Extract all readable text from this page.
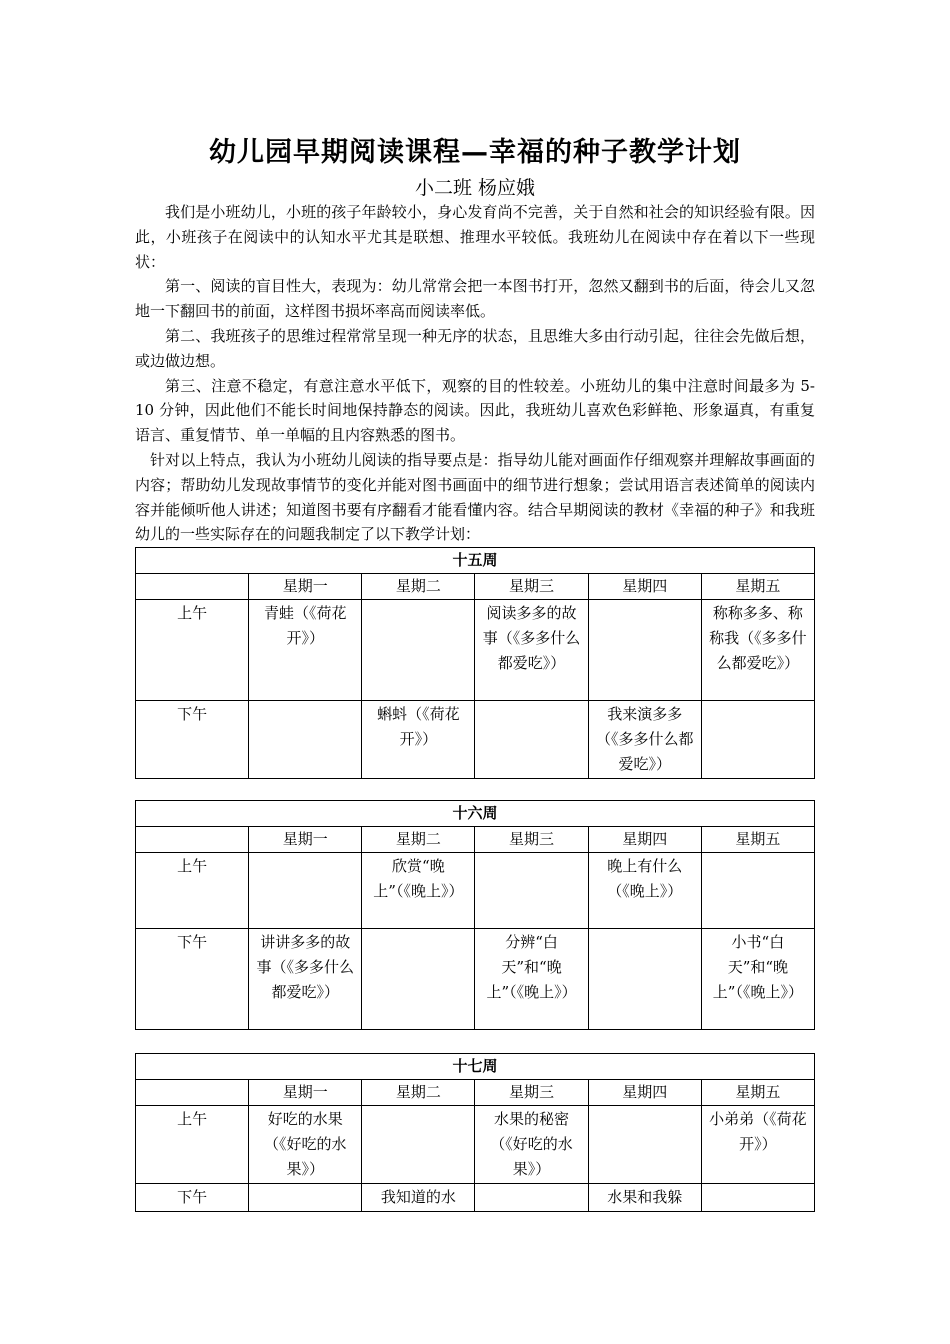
幼儿园早期阅读课程—幸福的种子教学计划
小二班 杨应娥

我们是小班幼儿，小班的孩子年龄较小，身心发育尚不完善，关于自然和社会的知识经验有限。因此，小班孩子在阅读中的认知水平尤其是联想、推理水平较低。我班幼儿在阅读中存在着以下一些现状：

第一、阅读的盲目性大，表现为：幼儿常常会把一本图书打开，忽然又翻到书的后面，待会儿又忽地一下翻回书的前面，这样图书损坏率高而阅读率低。

第二、我班孩子的思维过程常常呈现一种无序的状态，且思维大多由行动引起，往往会先做后想，或边做边想。

第三、注意不稳定，有意注意水平低下，观察的目的性较差。小班幼儿的集中注意时间最多为 5-10 分钟，因此他们不能长时间地保持静态的阅读。因此，我班幼儿喜欢色彩鲜艳、形象逼真，有重复语言、重复情节、单一单幅的且内容熟悉的图书。

针对以上特点，我认为小班幼儿阅读的指导要点是：指导幼儿能对画面作仔细观察并理解故事画面的内容；帮助幼儿发现故事情节的变化并能对图书画面中的细节进行想象；尝试用语言表述简单的阅读内容并能倾听他人讲述；知道图书要有序翻看才能看懂内容。结合早期阅读的教材《幸福的种子》和我班幼儿的一些实际存在的问题我制定了以下教学计划：

十五周					
	星期一	星期二	星期三	星期四	星期五
上午	青蛙（《荷花开》）		阅读多多的故事（《多多什么都爱吃》）		称称多多、称称我（《多多什么都爱吃》）
下午		蝌蚪（《荷花开》）		我来演多多（《多多什么都爱吃》）	
十六周					
	星期一	星期二	星期三	星期四	星期五
上午		欣赏“晚上”（《晚上》）		晚上有什么（《晚上》）	
下午	讲讲多多的故事（《多多什么都爱吃》）		分辨“白天”和“晚上”（《晚上》）		小书“白天”和“晚上”（《晚上》）
十七周					
	星期一	星期二	星期三	星期四	星期五
上午	好吃的水果（《好吃的水果》）		水果的秘密（《好吃的水果》）		小弟弟（《荷花开》）
下午		我知道的水		水果和我躲	
